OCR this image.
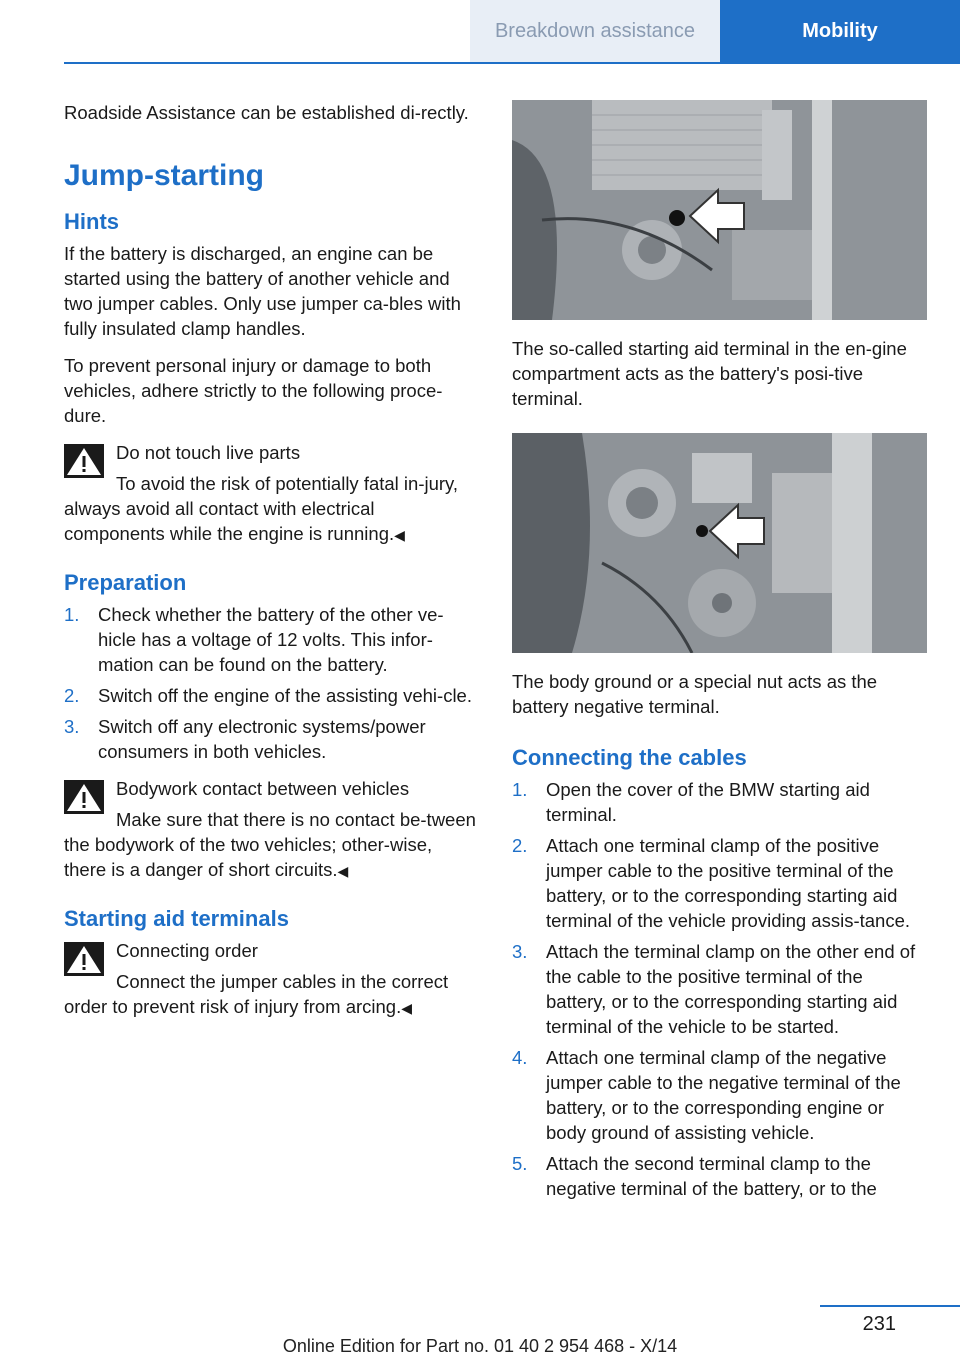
Breakdown assistance	Mobility

Roadside Assistance can be established di-rectly.

Jump-starting
Hints

If the battery is discharged, an engine can be started using the battery of another vehicle and two jumper cables. Only use jumper ca-bles with fully insulated clamp handles.

To prevent personal injury or damage to both vehicles, adhere strictly to the following proce-dure.

Do not touch live parts
To avoid the risk of potentially fatal in-jury, always avoid all contact with electrical components while the engine is running.◀
Preparation
1. Check whether the battery of the other ve-hicle has a voltage of 12 volts. This infor-mation can be found on the battery.
2. Switch off the engine of the assisting vehi-cle.
3. Switch off any electronic systems/power consumers in both vehicles.
Bodywork contact between vehicles
Make sure that there is no contact be-tween the bodywork of the two vehicles; other-wise, there is a danger of short circuits.◀
Starting aid terminals
Connecting order
Connect the jumper cables in the correct order to prevent risk of injury from arcing.◀

The so-called starting aid terminal in the en-gine compartment acts as the battery's posi-tive terminal.

The body ground or a special nut acts as the battery negative terminal.

Connecting the cables
1. Open the cover of the BMW starting aid terminal.
2. Attach one terminal clamp of the positive jumper cable to the positive terminal of the battery, or to the corresponding starting aid terminal of the vehicle providing assis-tance.
3. Attach the terminal clamp on the other end of the cable to the positive terminal of the battery, or to the corresponding starting aid terminal of the vehicle to be started.
4. Attach one terminal clamp of the negative jumper cable to the negative terminal of the battery, or to the corresponding engine or body ground of assisting vehicle.
5. Attach the second terminal clamp to the negative terminal of the battery, or to the
231
Online Edition for Part no. 01 40 2 954 468 - X/14
